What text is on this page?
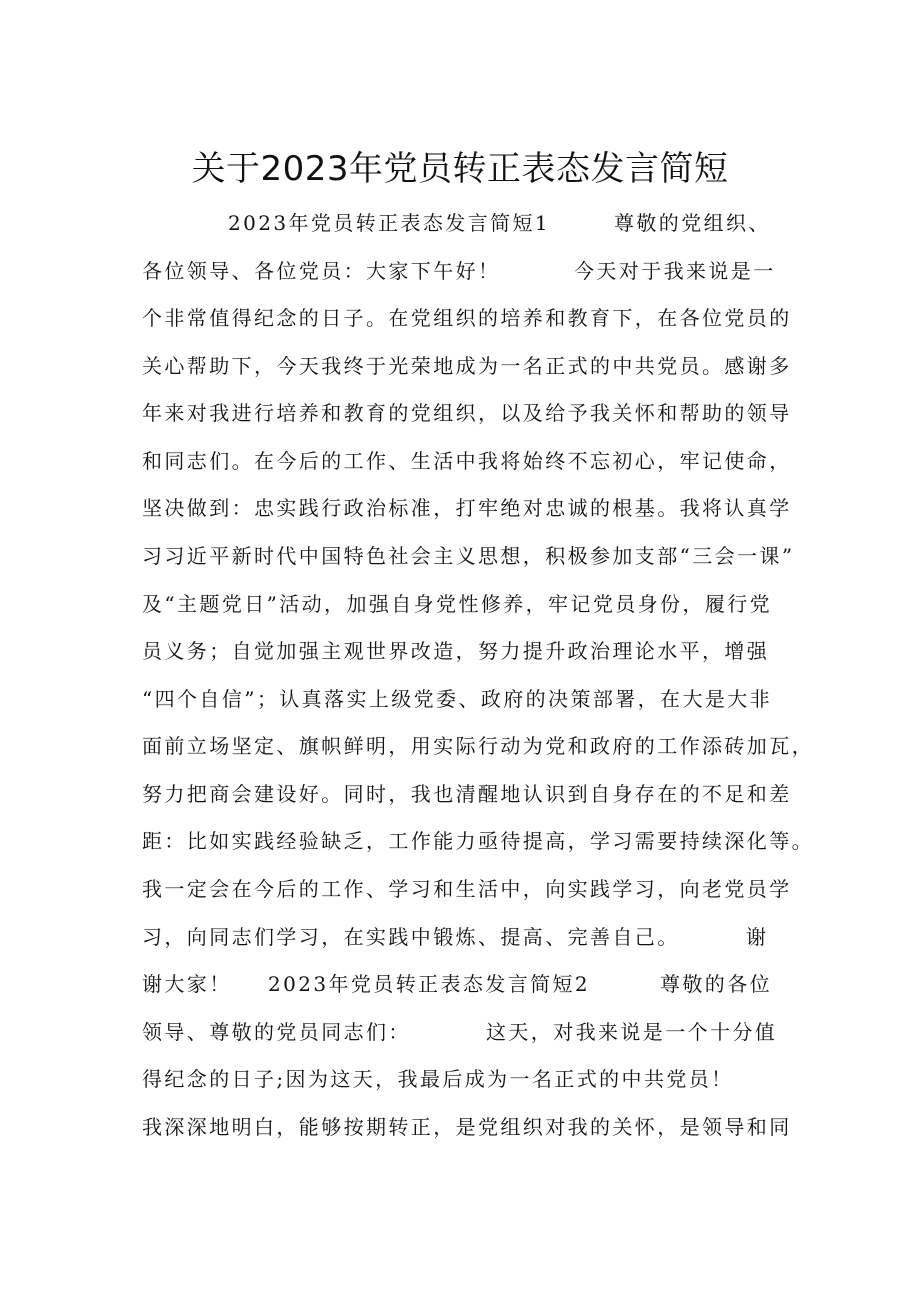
关于2023年党员转正表态发言简短
2023年党员转正表态发言简短1	尊敬的党组织、
各位领导、各位党员：大家下午好！	今天对于我来说是一
个非常值得纪念的日子。在党组织的培养和教育下，在各位党员的
关心帮助下，今天我终于光荣地成为一名正式的中共党员。感谢多
年来对我进行培养和教育的党组织，以及给予我关怀和帮助的领导
和同志们。在今后的工作、生活中我将始终不忘初心，牢记使命，
坚决做到：忠实践行政治标准，打牢绝对忠诚的根基。我将认真学
习习近平新时代中国特色社会主义思想，积极参加支部“三会一课”
及“主题党日”活动，加强自身党性修养，牢记党员身份，履行党
员义务；自觉加强主观世界改造，努力提升政治理论水平，增强
“四个自信”；认真落实上级党委、政府的决策部署，在大是大非
面前立场坚定、旗帜鲜明，用实际行动为党和政府的工作添砖加瓦，
努力把商会建设好。同时，我也清醒地认识到自身存在的不足和差
距：比如实践经验缺乏，工作能力亟待提高，学习需要持续深化等。
我一定会在今后的工作、学习和生活中，向实践学习，向老党员学
习，向同志们学习，在实践中锻炼、提高、完善自己。	谢
谢大家！ 2023年党员转正表态发言简短2	尊敬的各位
领导、尊敬的党员同志们：	这天，对我来说是一个十分值
得纪念的日子;因为这天，我最后成为一名正式的中共党员！
我深深地明白，能够按期转正，是党组织对我的关怀，是领导和同
